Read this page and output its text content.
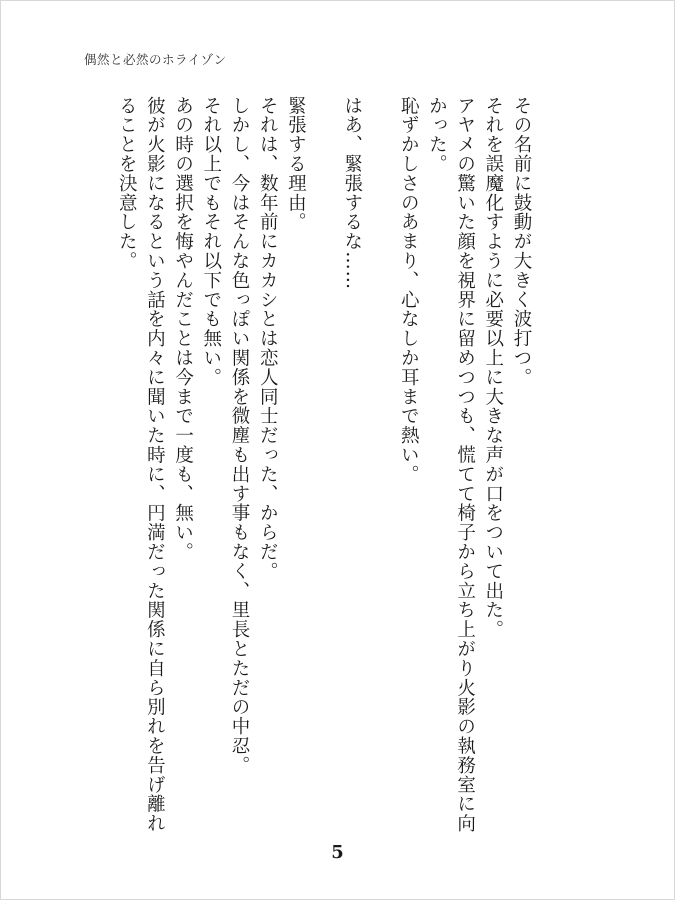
偶然と必然のホライゾン

その名前に鼓動が大きく波打つ。

それを誤魔化すように必要以上に大きな声が口をついて出た。

アヤメの驚いた顔を視界に留めつつも、慌てて椅子から立ち上がり火影の執務室に向

かった。

恥ずかしさのあまり、心なしか耳まで熱い。

はあ、緊張するな……

緊張する理由。

それは、数年前にカカシとは恋人同士だった、からだ。

しかし、今はそんな色っぽい関係を微塵も出す事もなく、里長とただの中忍。

それ以上でもそれ以下でも無い。

あの時の選択を悔やんだことは今まで一度も、無い。

彼が火影になるという話を内々に聞いた時に、円満だった関係に自ら別れを告げ離れ

ることを決意した。

5
